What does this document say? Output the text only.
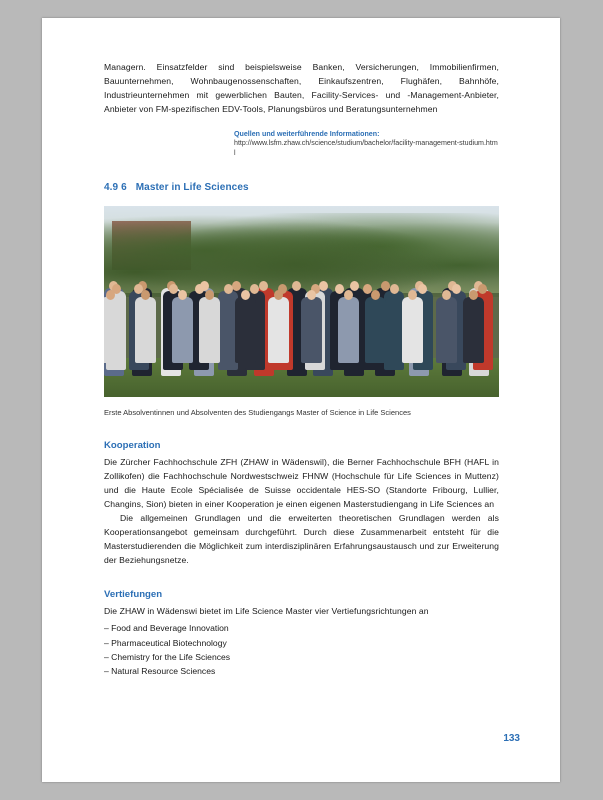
Managern. Einsatzfelder sind beispielsweise Banken, Versicherungen, Immobilienfirmen, Bauunternehmen, Wohnbaugenossenschaften, Einkaufszentren, Flughäfen, Bahnhöfe, Industrieunternehmen mit gewerblichen Bauten, Facility-Services- und -Management-Anbieter, Anbieter von FM-spezifischen EDV-Tools, Planungsbüros und Beratungsunternehmen

Quellen und weiterführende Informationen:

http://www.lsfm.zhaw.ch/science/studium/bachelor/facility-management-studium.html

4.9 6 Master in Life Sciences

Erste Absolventinnen und Absolventen des Studiengangs Master of Science in Life Sciences

Kooperation

Die Zürcher Fachhochschule ZFH (ZHAW in Wädenswil), die Berner Fachhochschule BFH (HAFL in Zollikofen) die Fachhochschule Nordwestschweiz FHNW (Hochschule für Life Sciences in Muttenz) und die Haute Ecole Spécialisée de Suisse occidentale HES-SO (Standorte Fribourg, Lullier, Changins, Sion) bieten in einer Kooperation je einen eigenen Masterstudiengang in Life Sciences an

Die allgemeinen Grundlagen und die erweiterten theoretischen Grundlagen werden als Kooperationsangebot gemeinsam durchgeführt. Durch diese Zusammenarbeit entsteht für die Masterstudierenden die Möglichkeit zum interdisziplinären Erfahrungsaustausch und zur Erweiterung der Beziehungsnetze.

Vertiefungen

Die ZHAW in Wädenswi bietet im Life Science Master vier Vertiefungsrichtungen an

– Food and Beverage Innovation
– Pharmaceutical Biotechnology
– Chemistry for the Life Sciences
– Natural Resource Sciences
133
